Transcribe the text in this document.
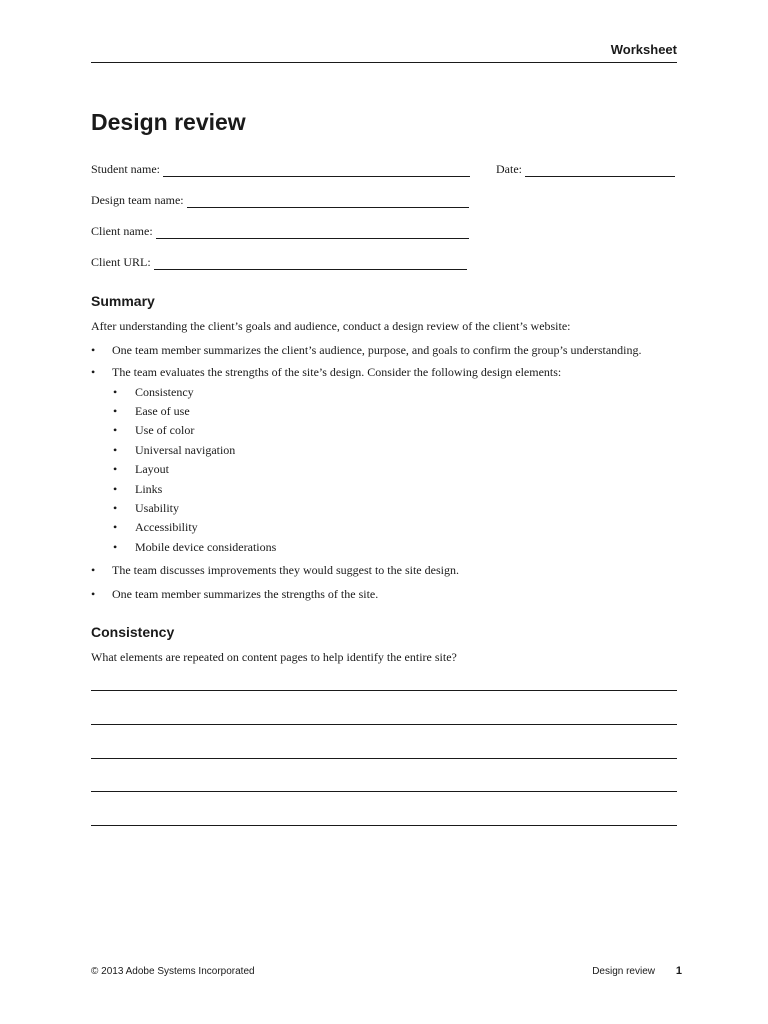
Worksheet
Design review
Student name:	Date:
Design team name:
Client name:
Client URL:
Summary

After understanding the client’s goals and audience, conduct a design review of the client’s website:

• One team member summarizes the client’s audience, purpose, and goals to confirm the group’s understanding.
• The team evaluates the strengths of the site’s design. Consider the following design elements:
• Consistency
• Ease of use
• Use of color
• Universal navigation
• Layout
• Links
• Usability
• Accessibility
• Mobile device considerations
• The team discusses improvements they would suggest to the site design.
• One team member summarizes the strengths of the site.
Consistency

What elements are repeated on content pages to help identify the entire site?

© 2013 Adobe Systems Incorporated	Design review 1
